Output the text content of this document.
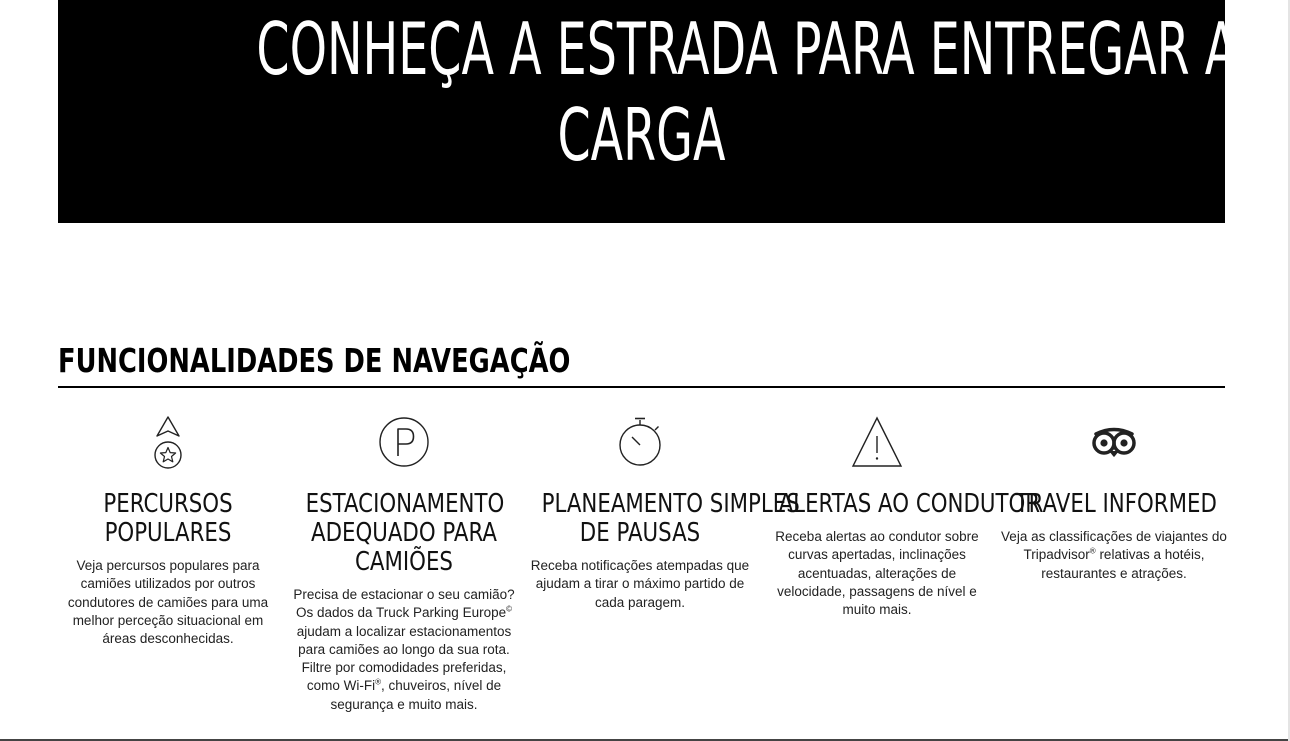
CONHEÇA A ESTRADA PARA ENTREGAR A
CARGA
FUNCIONALIDADES DE NAVEGAÇÃO
PERCURSOS
POPULARES

Veja percursos populares para camiões utilizados por outros condutores de camiões para uma melhor perceção situacional em áreas desconhecidas.

ESTACIONAMENTO
ADEQUADO PARA
CAMIÕES

Precisa de estacionar o seu camião? Os dados da Truck Parking Europe© ajudam a localizar estacionamentos para camiões ao longo da sua rota. Filtre por comodidades preferidas, como Wi-Fi®, chuveiros, nível de segurança e muito mais.

PLANEAMENTO SIMPLES
DE PAUSAS

Receba notificações atempadas que ajudam a tirar o máximo partido de cada paragem.

ALERTAS AO CONDUTOR

Receba alertas ao condutor sobre curvas apertadas, inclinações acentuadas, alterações de velocidade, passagens de nível e muito mais.

TRAVEL INFORMED

Veja as classificações de viajantes do Tripadvisor® relativas a hotéis, restaurantes e atrações.
